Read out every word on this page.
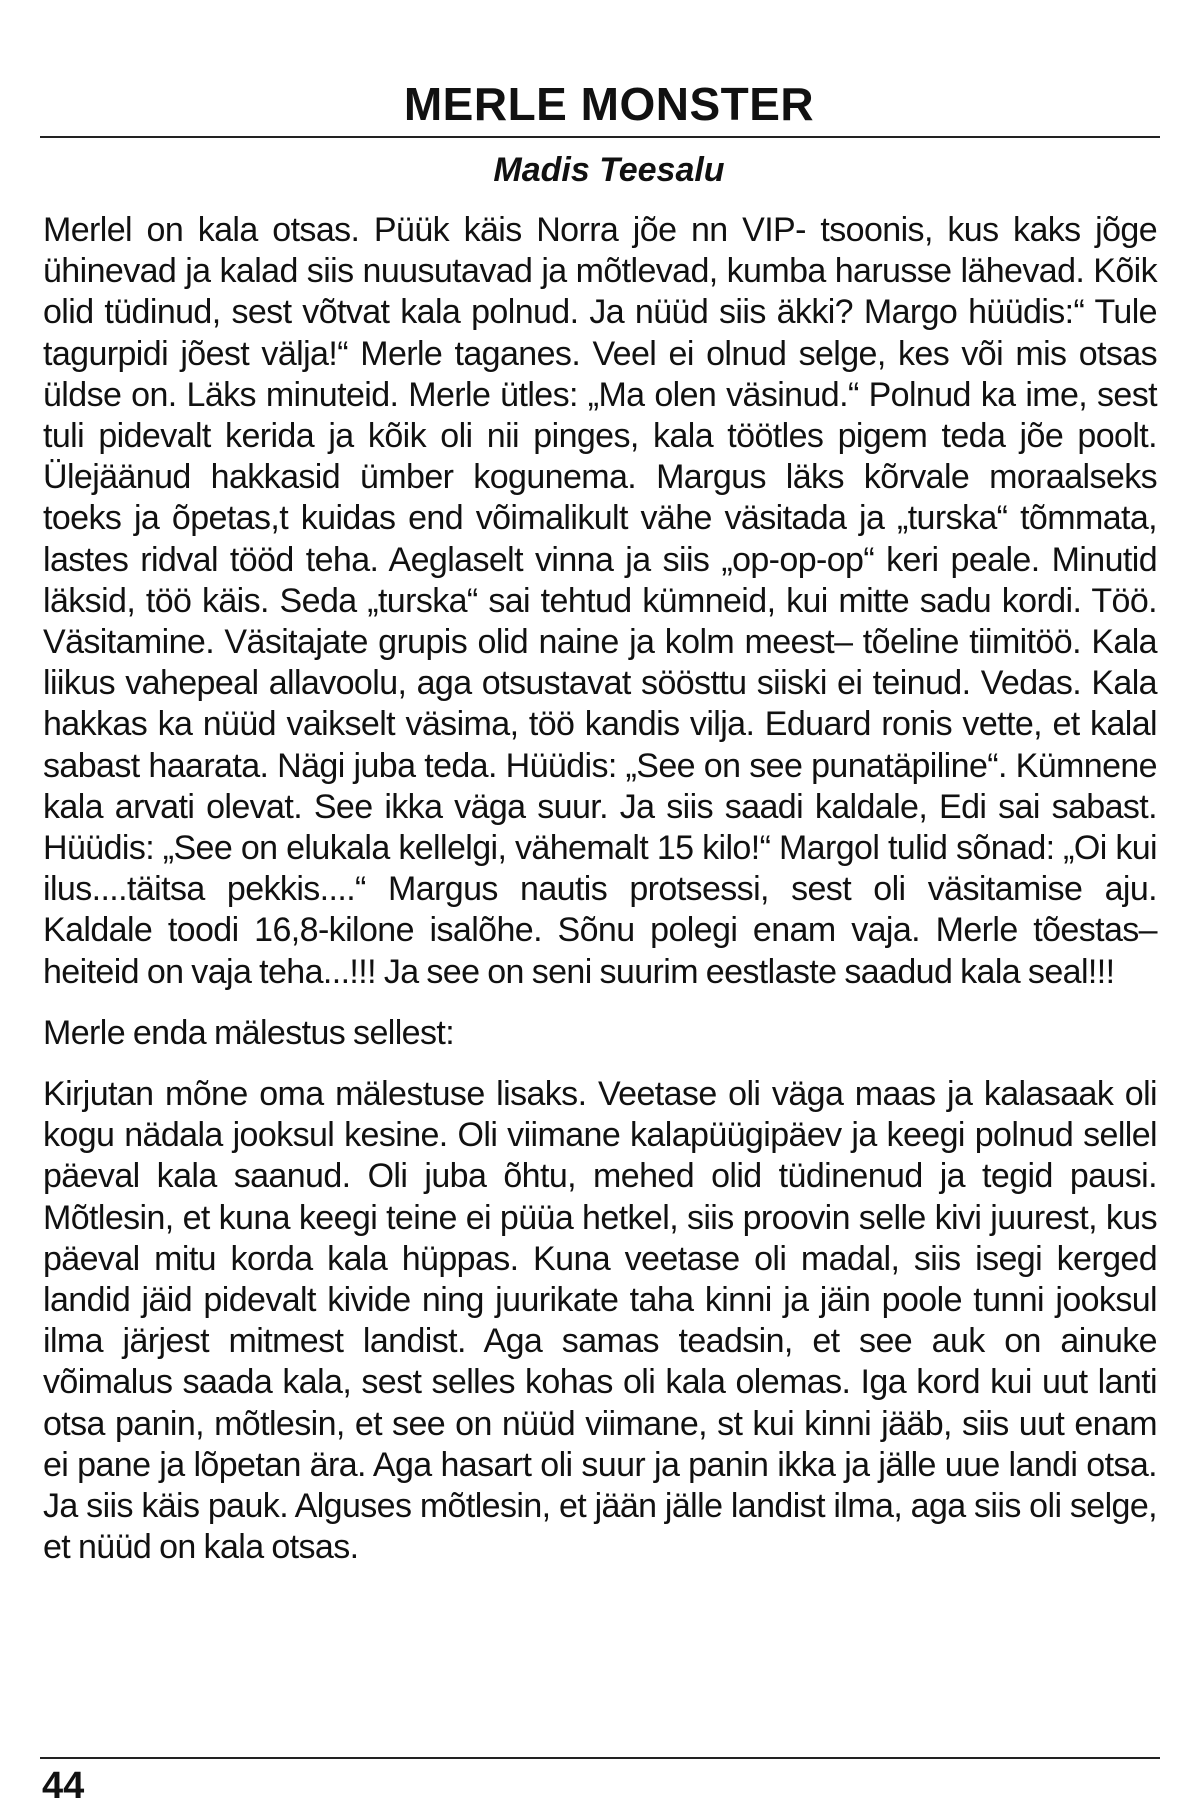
MERLE MONSTER
Madis Teesalu

Merlel on kala otsas. Püük käis Norra jõe nn VIP- tsoonis, kus kaks jõge ühinevad ja kalad siis nuusutavad ja mõtlevad, kumba harusse lähevad. Kõik olid tüdinud, sest võtvat kala polnud. Ja nüüd siis äkki? Margo hüüdis:“ Tule tagurpidi jõest välja!“ Merle taganes. Veel ei olnud selge, kes või mis otsas üldse on. Läks minuteid. Merle ütles: „Ma olen väsinud.“ Polnud ka ime, sest tuli pidevalt kerida ja kõik oli nii pinges, kala töötles pigem teda jõe poolt. Ülejäänud hakkasid ümber kogunema. Margus läks kõrvale moraalseks toeks ja õpetas,t kuidas end võimalikult vähe väsitada ja „turska“ tõmmata, lastes ridval tööd teha. Aeglaselt vinna ja siis „op-op-op“ keri peale. Minutid läksid, töö käis. Seda „turska“ sai tehtud kümneid, kui mitte sadu kordi. Töö. Väsitamine. Väsitajate grupis olid naine ja kolm meest– tõeline tiimitöö. Kala liikus vahepeal allavoolu, aga otsustavat söösttu siiski ei teinud. Vedas. Kala hakkas ka nüüd vaikselt väsima, töö kandis vilja. Eduard ronis vette, et kalal sabast haarata. Nägi juba teda. Hüüdis: „See on see punatäpiline“. Kümnene kala arvati olevat. See ikka väga suur. Ja siis saadi kaldale, Edi sai sabast. Hüüdis: „See on elukala kellelgi, vähemalt 15 kilo!“ Margol tulid sõnad: „Oi kui ilus....täitsa pekkis....“ Margus nautis protsessi, sest oli väsitamise aju. Kaldale toodi 16,8-kilone isalõhe. Sõnu polegi enam vaja. Merle tõestas–heiteid on vaja teha...!!! Ja see on seni suurim eestlaste saadud kala seal!!!

Merle enda mälestus sellest:

Kirjutan mõne oma mälestuse lisaks. Veetase oli väga maas ja kalasaak oli kogu nädala jooksul kesine. Oli viimane kalapüügipäev ja keegi polnud sellel päeval kala saanud. Oli juba õhtu, mehed olid tüdinenud ja tegid pausi. Mõtlesin, et kuna keegi teine ei püüa hetkel, siis proovin selle kivi juurest, kus päeval mitu korda kala hüppas. Kuna veetase oli madal, siis isegi kerged landid jäid pidevalt kivide ning juurikate taha kinni ja jäin poole tunni jooksul ilma järjest mitmest landist. Aga samas teadsin, et see auk on ainuke võimalus saada kala, sest selles kohas oli kala olemas. Iga kord kui uut lanti otsa panin, mõtlesin, et see on nüüd viimane, st kui kinni jääb, siis uut enam ei pane ja lõpetan ära. Aga hasart oli suur ja panin ikka ja jälle uue landi otsa. Ja siis käis pauk. Alguses mõtlesin, et jään jälle landist ilma, aga siis oli selge, et nüüd on kala otsas.

44
